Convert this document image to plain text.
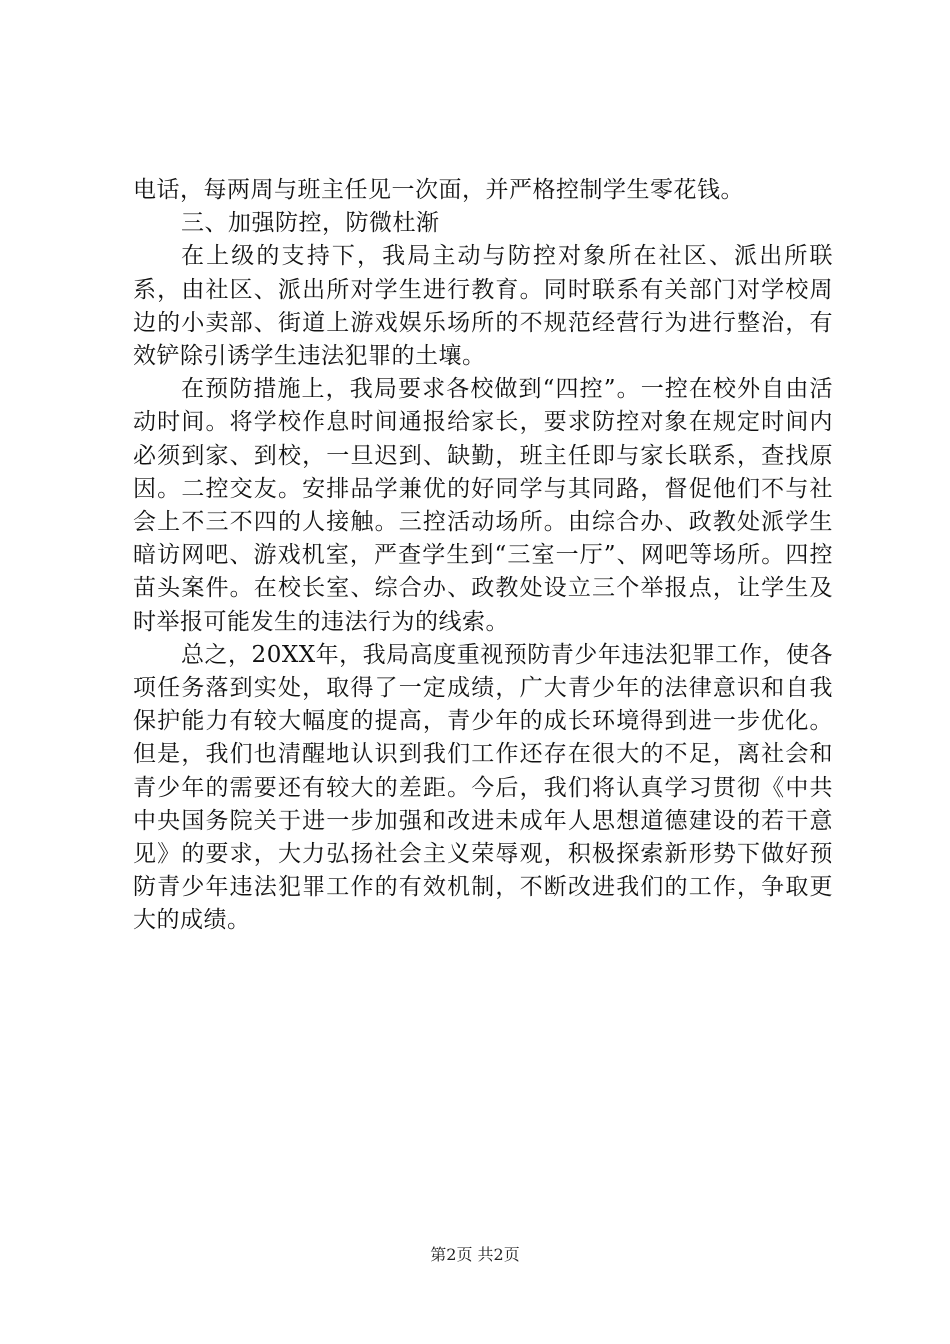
电话，每两周与班主任见一次面，并严格控制学生零花钱。

三、加强防控，防微杜渐

在上级的支持下，我局主动与防控对象所在社区、派出所联系，由社区、派出所对学生进行教育。同时联系有关部门对学校周边的小卖部、街道上游戏娱乐场所的不规范经营行为进行整治，有效铲除引诱学生违法犯罪的土壤。

在预防措施上，我局要求各校做到“四控”。一控在校外自由活动时间。将学校作息时间通报给家长，要求防控对象在规定时间内必须到家、到校，一旦迟到、缺勤，班主任即与家长联系，查找原因。二控交友。安排品学兼优的好同学与其同路，督促他们不与社会上不三不四的人接触。三控活动场所。由综合办、政教处派学生暗访网吧、游戏机室，严查学生到“三室一厅”、网吧等场所。四控苗头案件。在校长室、综合办、政教处设立三个举报点，让学生及时举报可能发生的违法行为的线索。

总之，20XX年，我局高度重视预防青少年违法犯罪工作，使各项任务落到实处，取得了一定成绩，广大青少年的法律意识和自我保护能力有较大幅度的提高，青少年的成长环境得到进一步优化。但是，我们也清醒地认识到我们工作还存在很大的不足，离社会和青少年的需要还有较大的差距。今后，我们将认真学习贯彻《中共中央国务院关于进一步加强和改进未成年人思想道德建设的若干意见》的要求，大力弘扬社会主义荣辱观，积极探索新形势下做好预防青少年违法犯罪工作的有效机制，不断改进我们的工作，争取更大的成绩。

第2页 共2页
